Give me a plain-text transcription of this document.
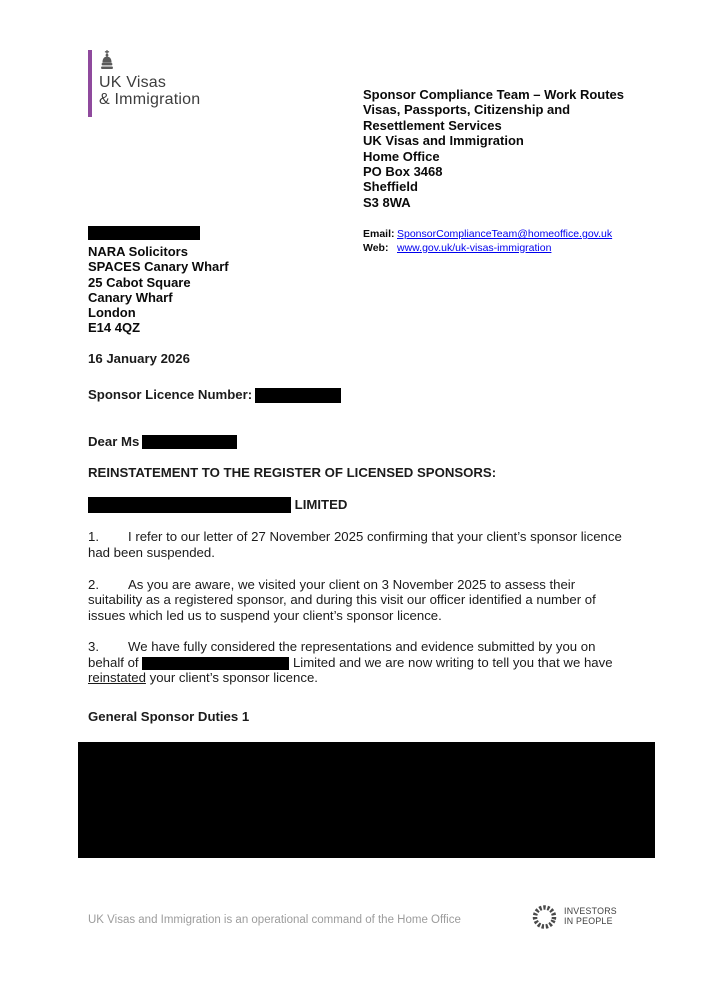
UK Visas
& Immigration	Sponsor Compliance Team – Work Routes
Visas, Passports, Citizenship and
Resettlement Services
UK Visas and Immigration
Home Office
PO Box 3468
Sheffield
S3 8WA
Email: SponsorComplianceTeam@homeoffice.gov.uk
Web: www.gov.uk/uk-visas-immigration
NARA Solicitors
SPACES Canary Wharf
25 Cabot Square
Canary Wharf
London
E14 4QZ
16 January 2026
Sponsor Licence Number:
Dear Ms
REINSTATEMENT TO THE REGISTER OF LICENSED SPONSORS:
LIMITED

1. I refer to our letter of 27 November 2025 confirming that your client’s sponsor licence had been suspended.

2. As you are aware, we visited your client on 3 November 2025 to assess their suitability as a registered sponsor, and during this visit our officer identified a number of issues which led us to suspend your client’s sponsor licence.

3. We have fully considered the representations and evidence submitted by you on behalf of	Limited and we are now writing to tell you that we have reinstated your client’s sponsor licence.

General Sponsor Duties 1
UK Visas and Immigration is an operational command of the Home Office
INVESTORS
IN PEOPLE
